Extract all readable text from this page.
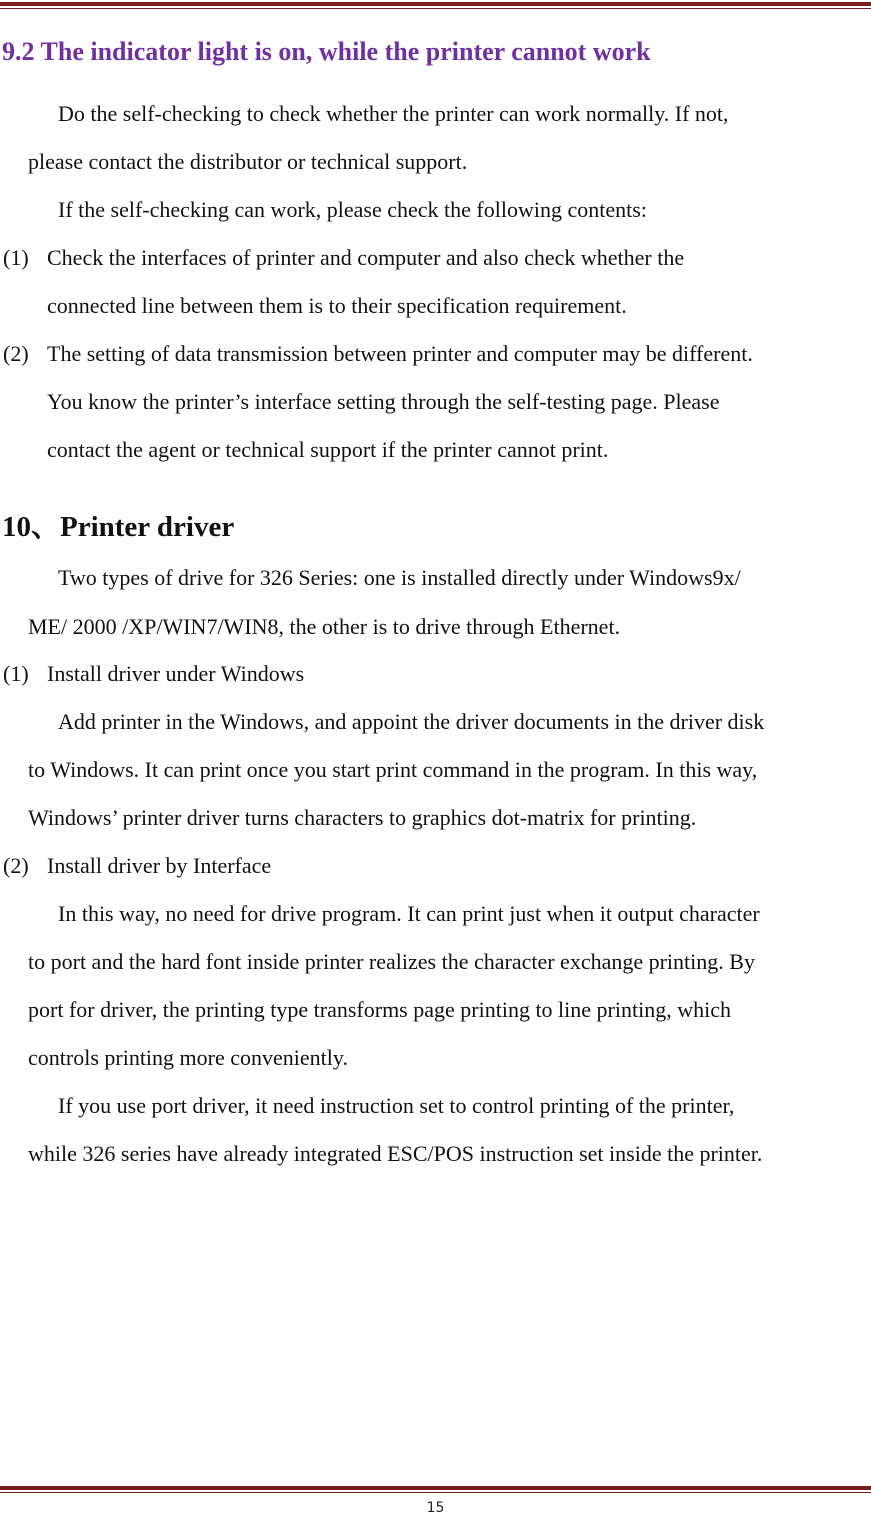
9.2 The indicator light is on, while the printer cannot work
Do the self-checking to check whether the printer can work normally. If not,
please contact the distributor or technical support.
If the self-checking can work, please check the following contents:
(1) Check the interfaces of printer and computer and also check whether the
connected line between them is to their specification requirement.
(2) The setting of data transmission between printer and computer may be different.
You know the printer’s interface setting through the self-testing page. Please
contact the agent or technical support if the printer cannot print.
10、Printer driver
Two types of drive for 326 Series: one is installed directly under Windows9x/
ME/ 2000 /XP/WIN7/WIN8, the other is to drive through Ethernet.
(1) Install driver under Windows
Add printer in the Windows, and appoint the driver documents in the driver disk
to Windows. It can print once you start print command in the program. In this way,
Windows’ printer driver turns characters to graphics dot-matrix for printing.
(2) Install driver by Interface
In this way, no need for drive program. It can print just when it output character
to port and the hard font inside printer realizes the character exchange printing. By
port for driver, the printing type transforms page printing to line printing, which
controls printing more conveniently.
If you use port driver, it need instruction set to control printing of the printer,
while 326 series have already integrated ESC/POS instruction set inside the printer.
15
